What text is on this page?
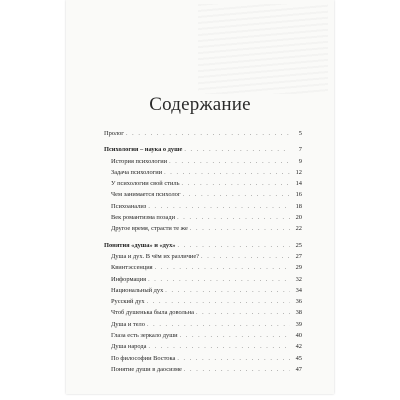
Содержание
Пролог . . .	5
Психология – наука о душе . . .	7
История психологии . . .	9
Задача психологии . . .	12
У психологии свой стиль . . .	14
Чем занимается психолог . . .	16
Психоанализ . . .	18
Век романтизма позади . . .	20
Другое время, страсти те же . . .	22
Понятия «душа» и «дух» . . .	25
Душа и дух. В чём их различие? . . .	27
Квинтэссенция . . .	29
Информация . . .	32
Национальный дух . . .	34
Русский дух . . .	36
Чтоб душенька была довольна . . .	38
Душа и тело . . .	39
Глаза есть зеркало души . . .	40
Душа народа . . .	42
По философии Востока . . .	45
Понятие души в даосизме . . .	47
